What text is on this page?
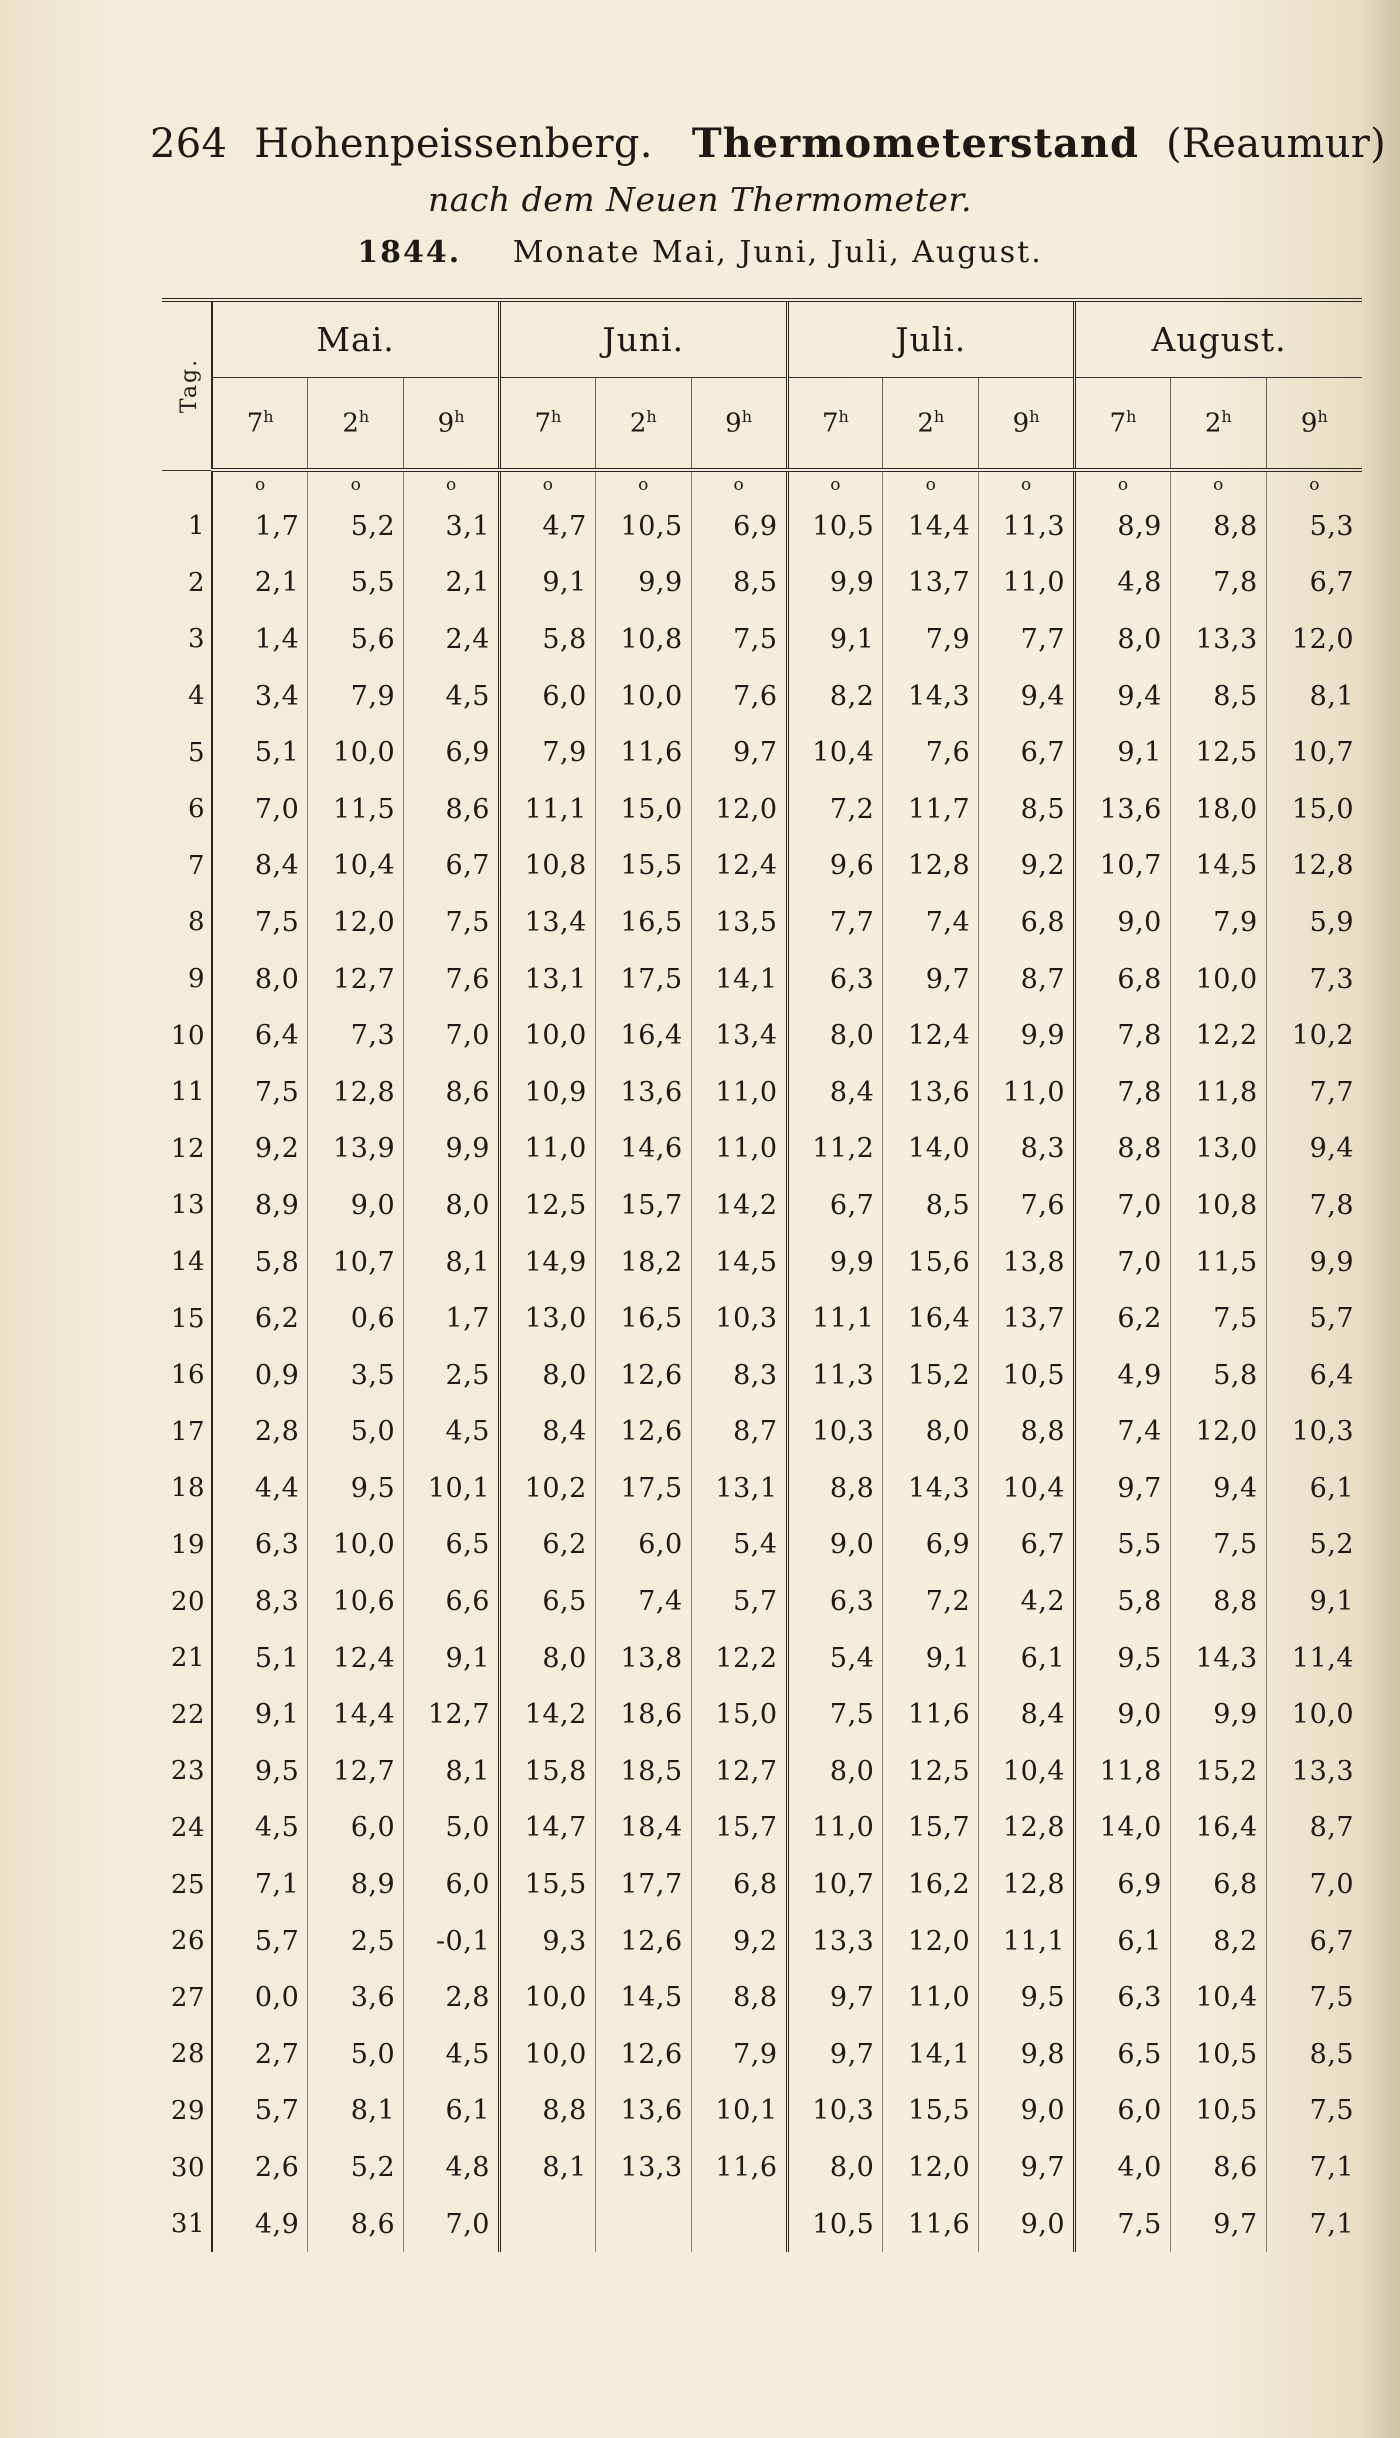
264 Hohenpeissenberg. Thermometerstand (Reaumur)
nach dem Neuen Thermometer.
1844. Monate Mai, Juni, Juli, August.
Tag.	Mai.			Juni.			Juli.			August.		
	7$^h$	2$^h$	9$^h$	7$^h$	2$^h$	9$^h$	7$^h$	2$^h$	9$^h$	7$^h$	2$^h$	9$^h$
	o	o	o	o	o	o	o	o	o	o	o	o
1	1,7	5,2	3,1	4,7	10,5	6,9	10,5	14,4	11,3	8,9	8,8	5,3
2	2,1	5,5	2,1	9,1	9,9	8,5	9,9	13,7	11,0	4,8	7,8	6,7
3	1,4	5,6	2,4	5,8	10,8	7,5	9,1	7,9	7,7	8,0	13,3	12,0
4	3,4	7,9	4,5	6,0	10,0	7,6	8,2	14,3	9,4	9,4	8,5	8,1
5	5,1	10,0	6,9	7,9	11,6	9,7	10,4	7,6	6,7	9,1	12,5	10,7
6	7,0	11,5	8,6	11,1	15,0	12,0	7,2	11,7	8,5	13,6	18,0	15,0
7	8,4	10,4	6,7	10,8	15,5	12,4	9,6	12,8	9,2	10,7	14,5	12,8
8	7,5	12,0	7,5	13,4	16,5	13,5	7,7	7,4	6,8	9,0	7,9	5,9
9	8,0	12,7	7,6	13,1	17,5	14,1	6,3	9,7	8,7	6,8	10,0	7,3
10	6,4	7,3	7,0	10,0	16,4	13,4	8,0	12,4	9,9	7,8	12,2	10,2
11	7,5	12,8	8,6	10,9	13,6	11,0	8,4	13,6	11,0	7,8	11,8	7,7
12	9,2	13,9	9,9	11,0	14,6	11,0	11,2	14,0	8,3	8,8	13,0	9,4
13	8,9	9,0	8,0	12,5	15,7	14,2	6,7	8,5	7,6	7,0	10,8	7,8
14	5,8	10,7	8,1	14,9	18,2	14,5	9,9	15,6	13,8	7,0	11,5	9,9
15	6,2	0,6	1,7	13,0	16,5	10,3	11,1	16,4	13,7	6,2	7,5	5,7
16	0,9	3,5	2,5	8,0	12,6	8,3	11,3	15,2	10,5	4,9	5,8	6,4
17	2,8	5,0	4,5	8,4	12,6	8,7	10,3	8,0	8,8	7,4	12,0	10,3
18	4,4	9,5	10,1	10,2	17,5	13,1	8,8	14,3	10,4	9,7	9,4	6,1
19	6,3	10,0	6,5	6,2	6,0	5,4	9,0	6,9	6,7	5,5	7,5	5,2
20	8,3	10,6	6,6	6,5	7,4	5,7	6,3	7,2	4,2	5,8	8,8	9,1
21	5,1	12,4	9,1	8,0	13,8	12,2	5,4	9,1	6,1	9,5	14,3	11,4
22	9,1	14,4	12,7	14,2	18,6	15,0	7,5	11,6	8,4	9,0	9,9	10,0
23	9,5	12,7	8,1	15,8	18,5	12,7	8,0	12,5	10,4	11,8	15,2	13,3
24	4,5	6,0	5,0	14,7	18,4	15,7	11,0	15,7	12,8	14,0	16,4	8,7
25	7,1	8,9	6,0	15,5	17,7	6,8	10,7	16,2	12,8	6,9	6,8	7,0
26	5,7	2,5	-0,1	9,3	12,6	9,2	13,3	12,0	11,1	6,1	8,2	6,7
27	0,0	3,6	2,8	10,0	14,5	8,8	9,7	11,0	9,5	6,3	10,4	7,5
28	2,7	5,0	4,5	10,0	12,6	7,9	9,7	14,1	9,8	6,5	10,5	8,5
29	5,7	8,1	6,1	8,8	13,6	10,1	10,3	15,5	9,0	6,0	10,5	7,5
30	2,6	5,2	4,8	8,1	13,3	11,6	8,0	12,0	9,7	4,0	8,6	7,1
31	4,9	8,6	7,0				10,5	11,6	9,0	7,5	9,7	7,1
